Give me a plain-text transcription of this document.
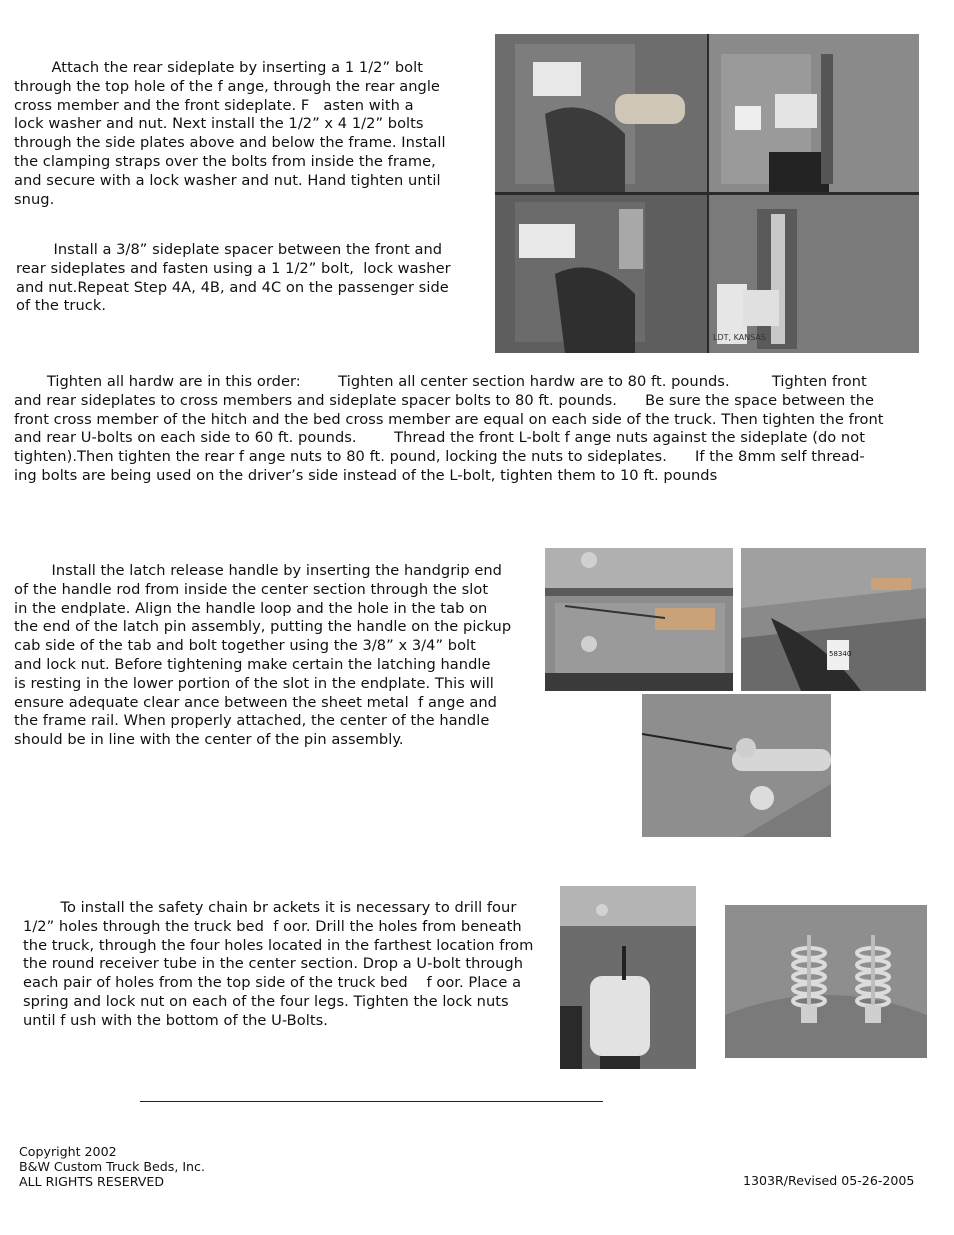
Attach the rear sideplate by inserting a 1 1/2” bolt
through the top hole of the f ange, through the rear angle
cross member and the front sideplate. F   asten with a
lock washer and nut. Next install the 1/2” x 4 1/2” bolts
through the side plates above and below the frame. Install
the clamping straps over the bolts from inside the frame,
and secure with a lock washer and nut. Hand tighten until
snug.

Install a 3/8” sideplate spacer between the front and
rear sideplates and fasten using a 1 1/2” bolt,  lock washer
and nut.Repeat Step 4A, 4B, and 4C on the passenger side
of the truck.

LDT, KANSAS

Tighten all hardw are in this order:        Tighten all center section hardw are to 80 ft. pounds.         Tighten front
and rear sideplates to cross members and sideplate spacer bolts to 80 ft. pounds.      Be sure the space between the
front cross member of the hitch and the bed cross member are equal on each side of the truck. Then tighten the front
and rear U-bolts on each side to 60 ft. pounds.        Thread the front L-bolt f ange nuts against the sideplate (do not
tighten).Then tighten the rear f ange nuts to 80 ft. pound, locking the nuts to sideplates.      If the 8mm self thread-
ing bolts are being used on the driver’s side instead of the L-bolt, tighten them to 10 ft. pounds

Install the latch release handle by inserting the handgrip end
of the handle rod from inside the center section through the slot
in the endplate. Align the handle loop and the hole in the tab on
the end of the latch pin assembly, putting the handle on the pickup
cab side of the tab and bolt together using the 3/8” x 3/4” bolt
and lock nut. Before tightening make certain the latching handle
is resting in the lower portion of the slot in the endplate. This will
ensure adequate clear ance between the sheet metal  f ange and
the frame rail. When properly attached, the center of the handle
should be in line with the center of the pin assembly.

58340

To install the safety chain br ackets it is necessary to drill four
1/2” holes through the truck bed  f oor. Drill the holes from beneath
the truck, through the four holes located in the farthest location from
the round receiver tube in the center section. Drop a U-bolt through
each pair of holes from the top side of the truck bed    f oor. Place a
spring and lock nut on each of the four legs. Tighten the lock nuts
until f ush with the bottom of the U-Bolts.

Copyright 2002
B&W Custom Truck Beds, Inc.
ALL RIGHTS RESERVED	1303R/Revised 05-26-2005
